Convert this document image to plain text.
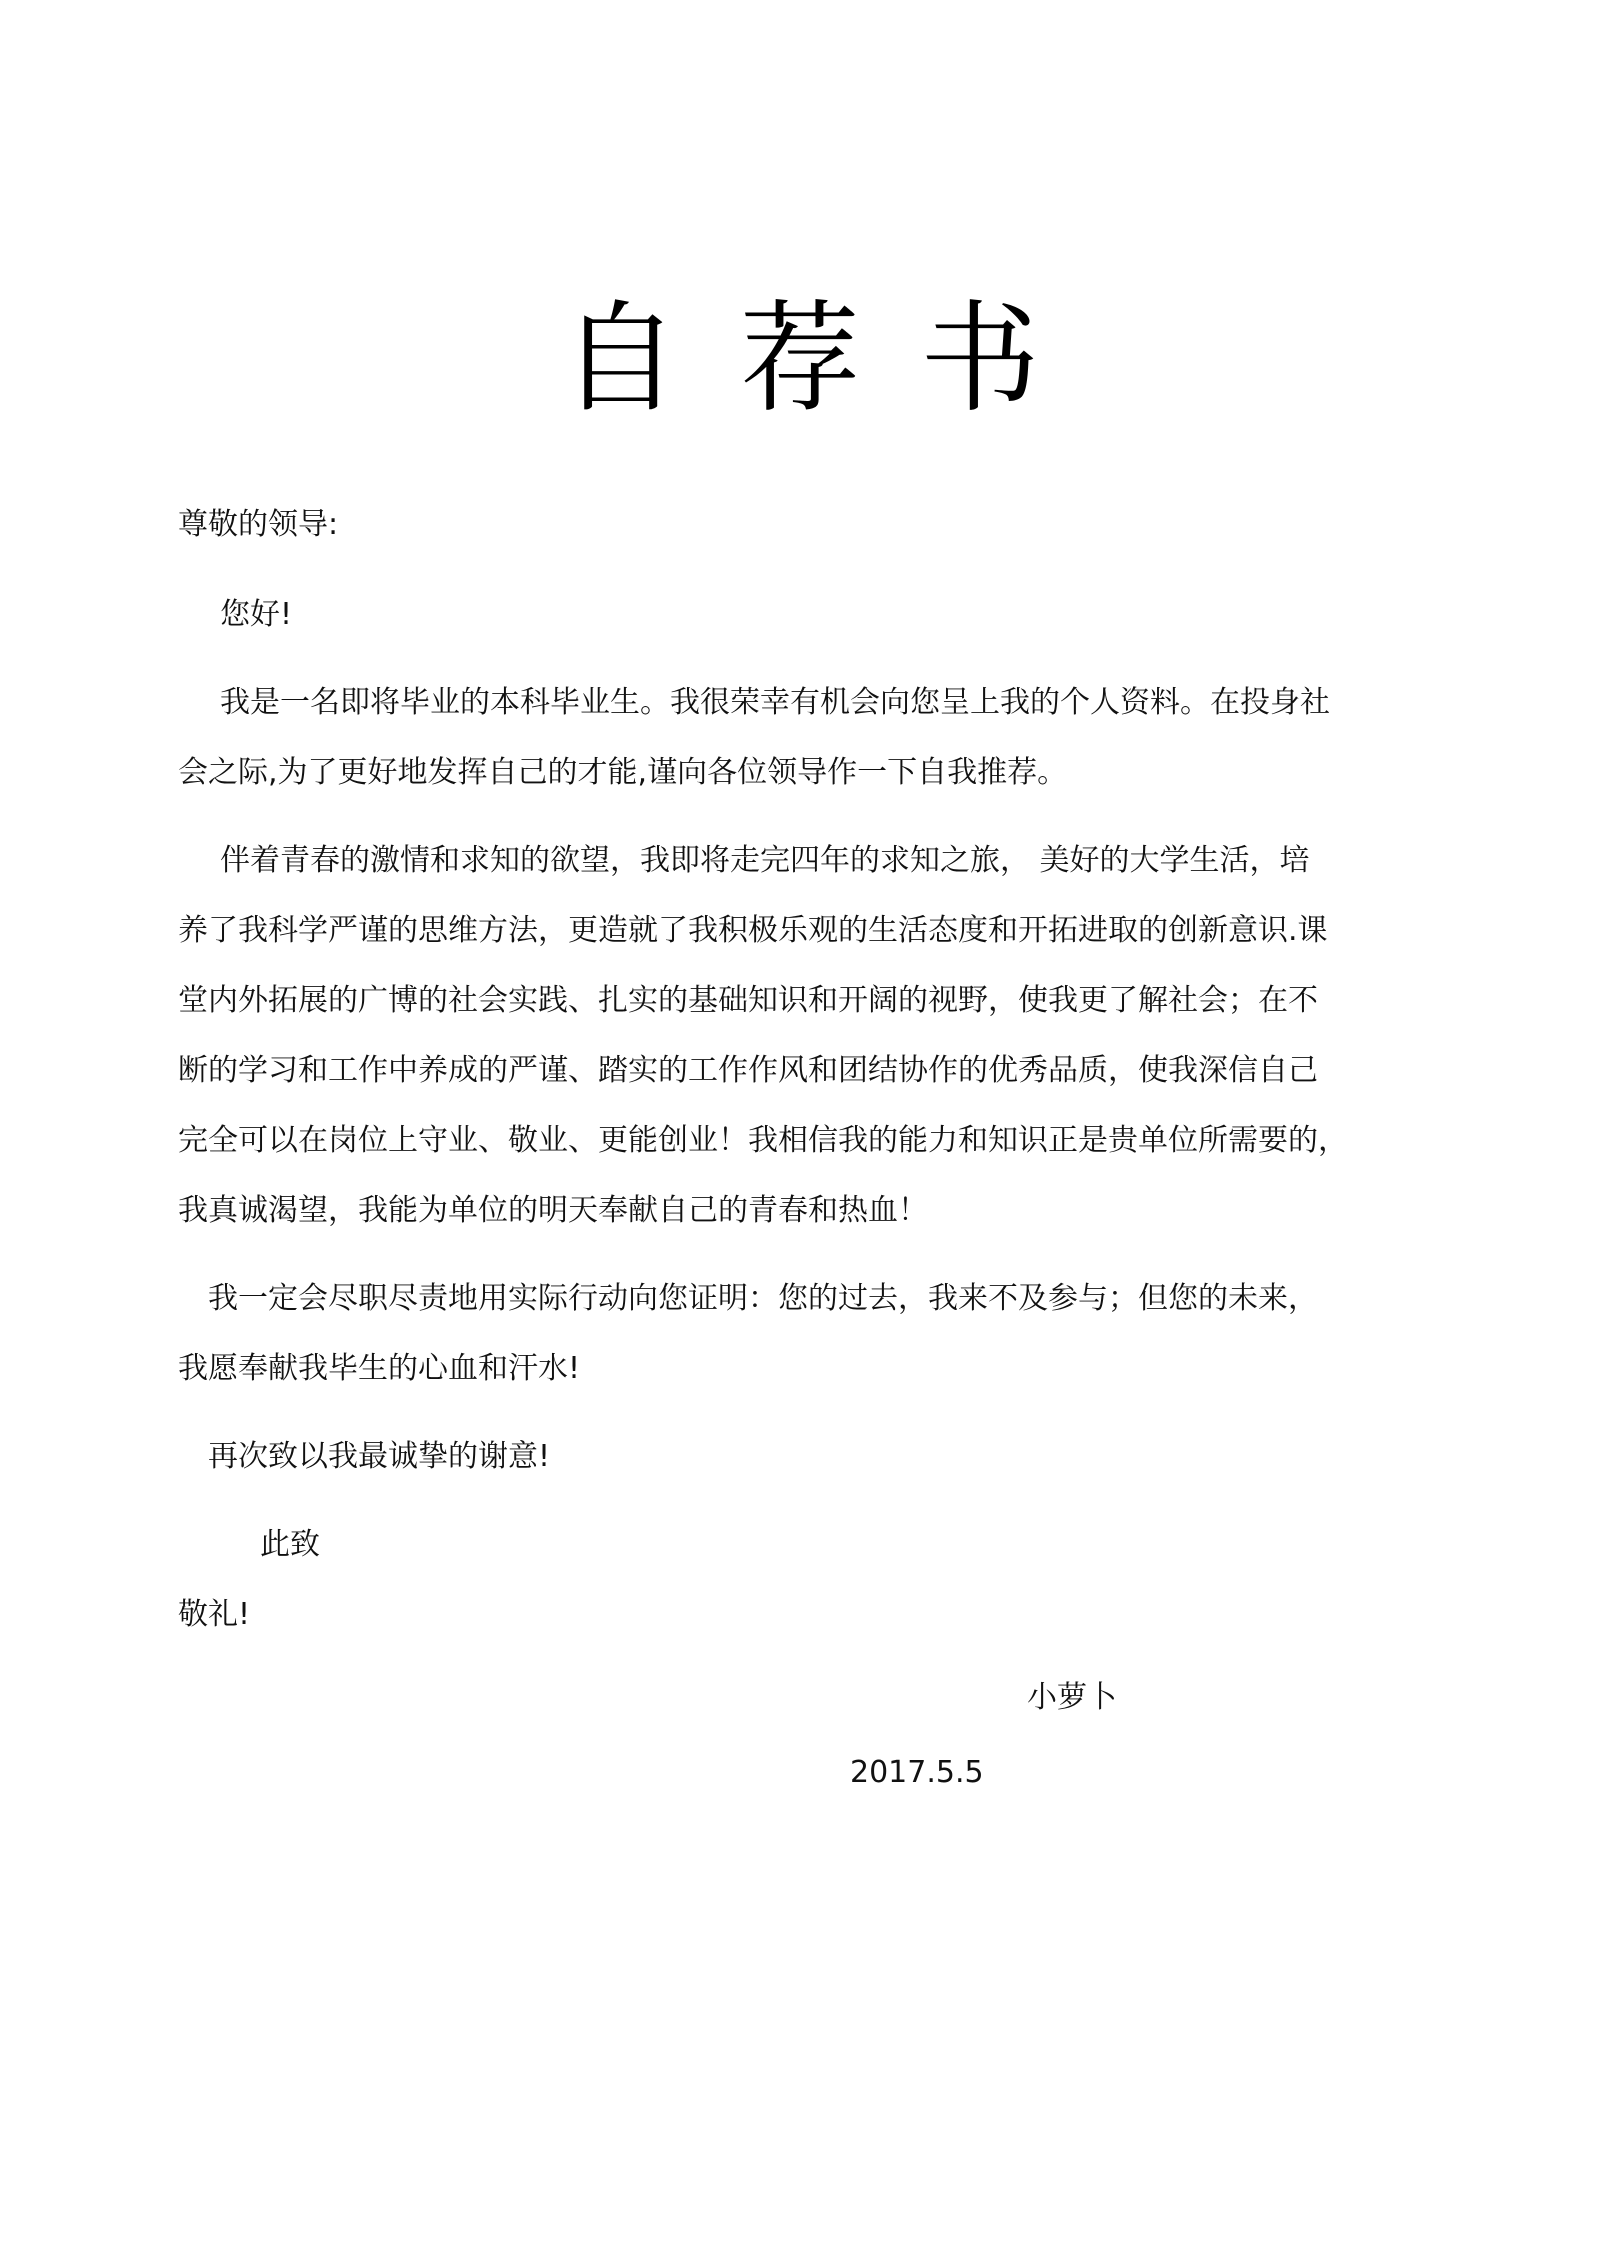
自荐书

尊敬的领导:

您好!

我是一名即将毕业的本科毕业生。我很荣幸有机会向您呈上我的个人资料。在投身社
会之际,为了更好地发挥自己的才能,谨向各位领导作一下自我推荐。
伴着青春的激情和求知的欲望，我即将走完四年的求知之旅， 美好的大学生活，培
养了我科学严谨的思维方法，更造就了我积极乐观的生活态度和开拓进取的创新意识.课
堂内外拓展的广博的社会实践、扎实的基础知识和开阔的视野，使我更了解社会；在不
断的学习和工作中养成的严谨、踏实的工作作风和团结协作的优秀品质，使我深信自己
完全可以在岗位上守业、敬业、更能创业！我相信我的能力和知识正是贵单位所需要的，
我真诚渴望，我能为单位的明天奉献自己的青春和热血！
我一定会尽职尽责地用实际行动向您证明：您的过去，我来不及参与；但您的未来，
我愿奉献我毕生的心血和汗水!
再次致以我最诚挚的谢意!

此致

敬礼!

小萝卜
2017.5.5
